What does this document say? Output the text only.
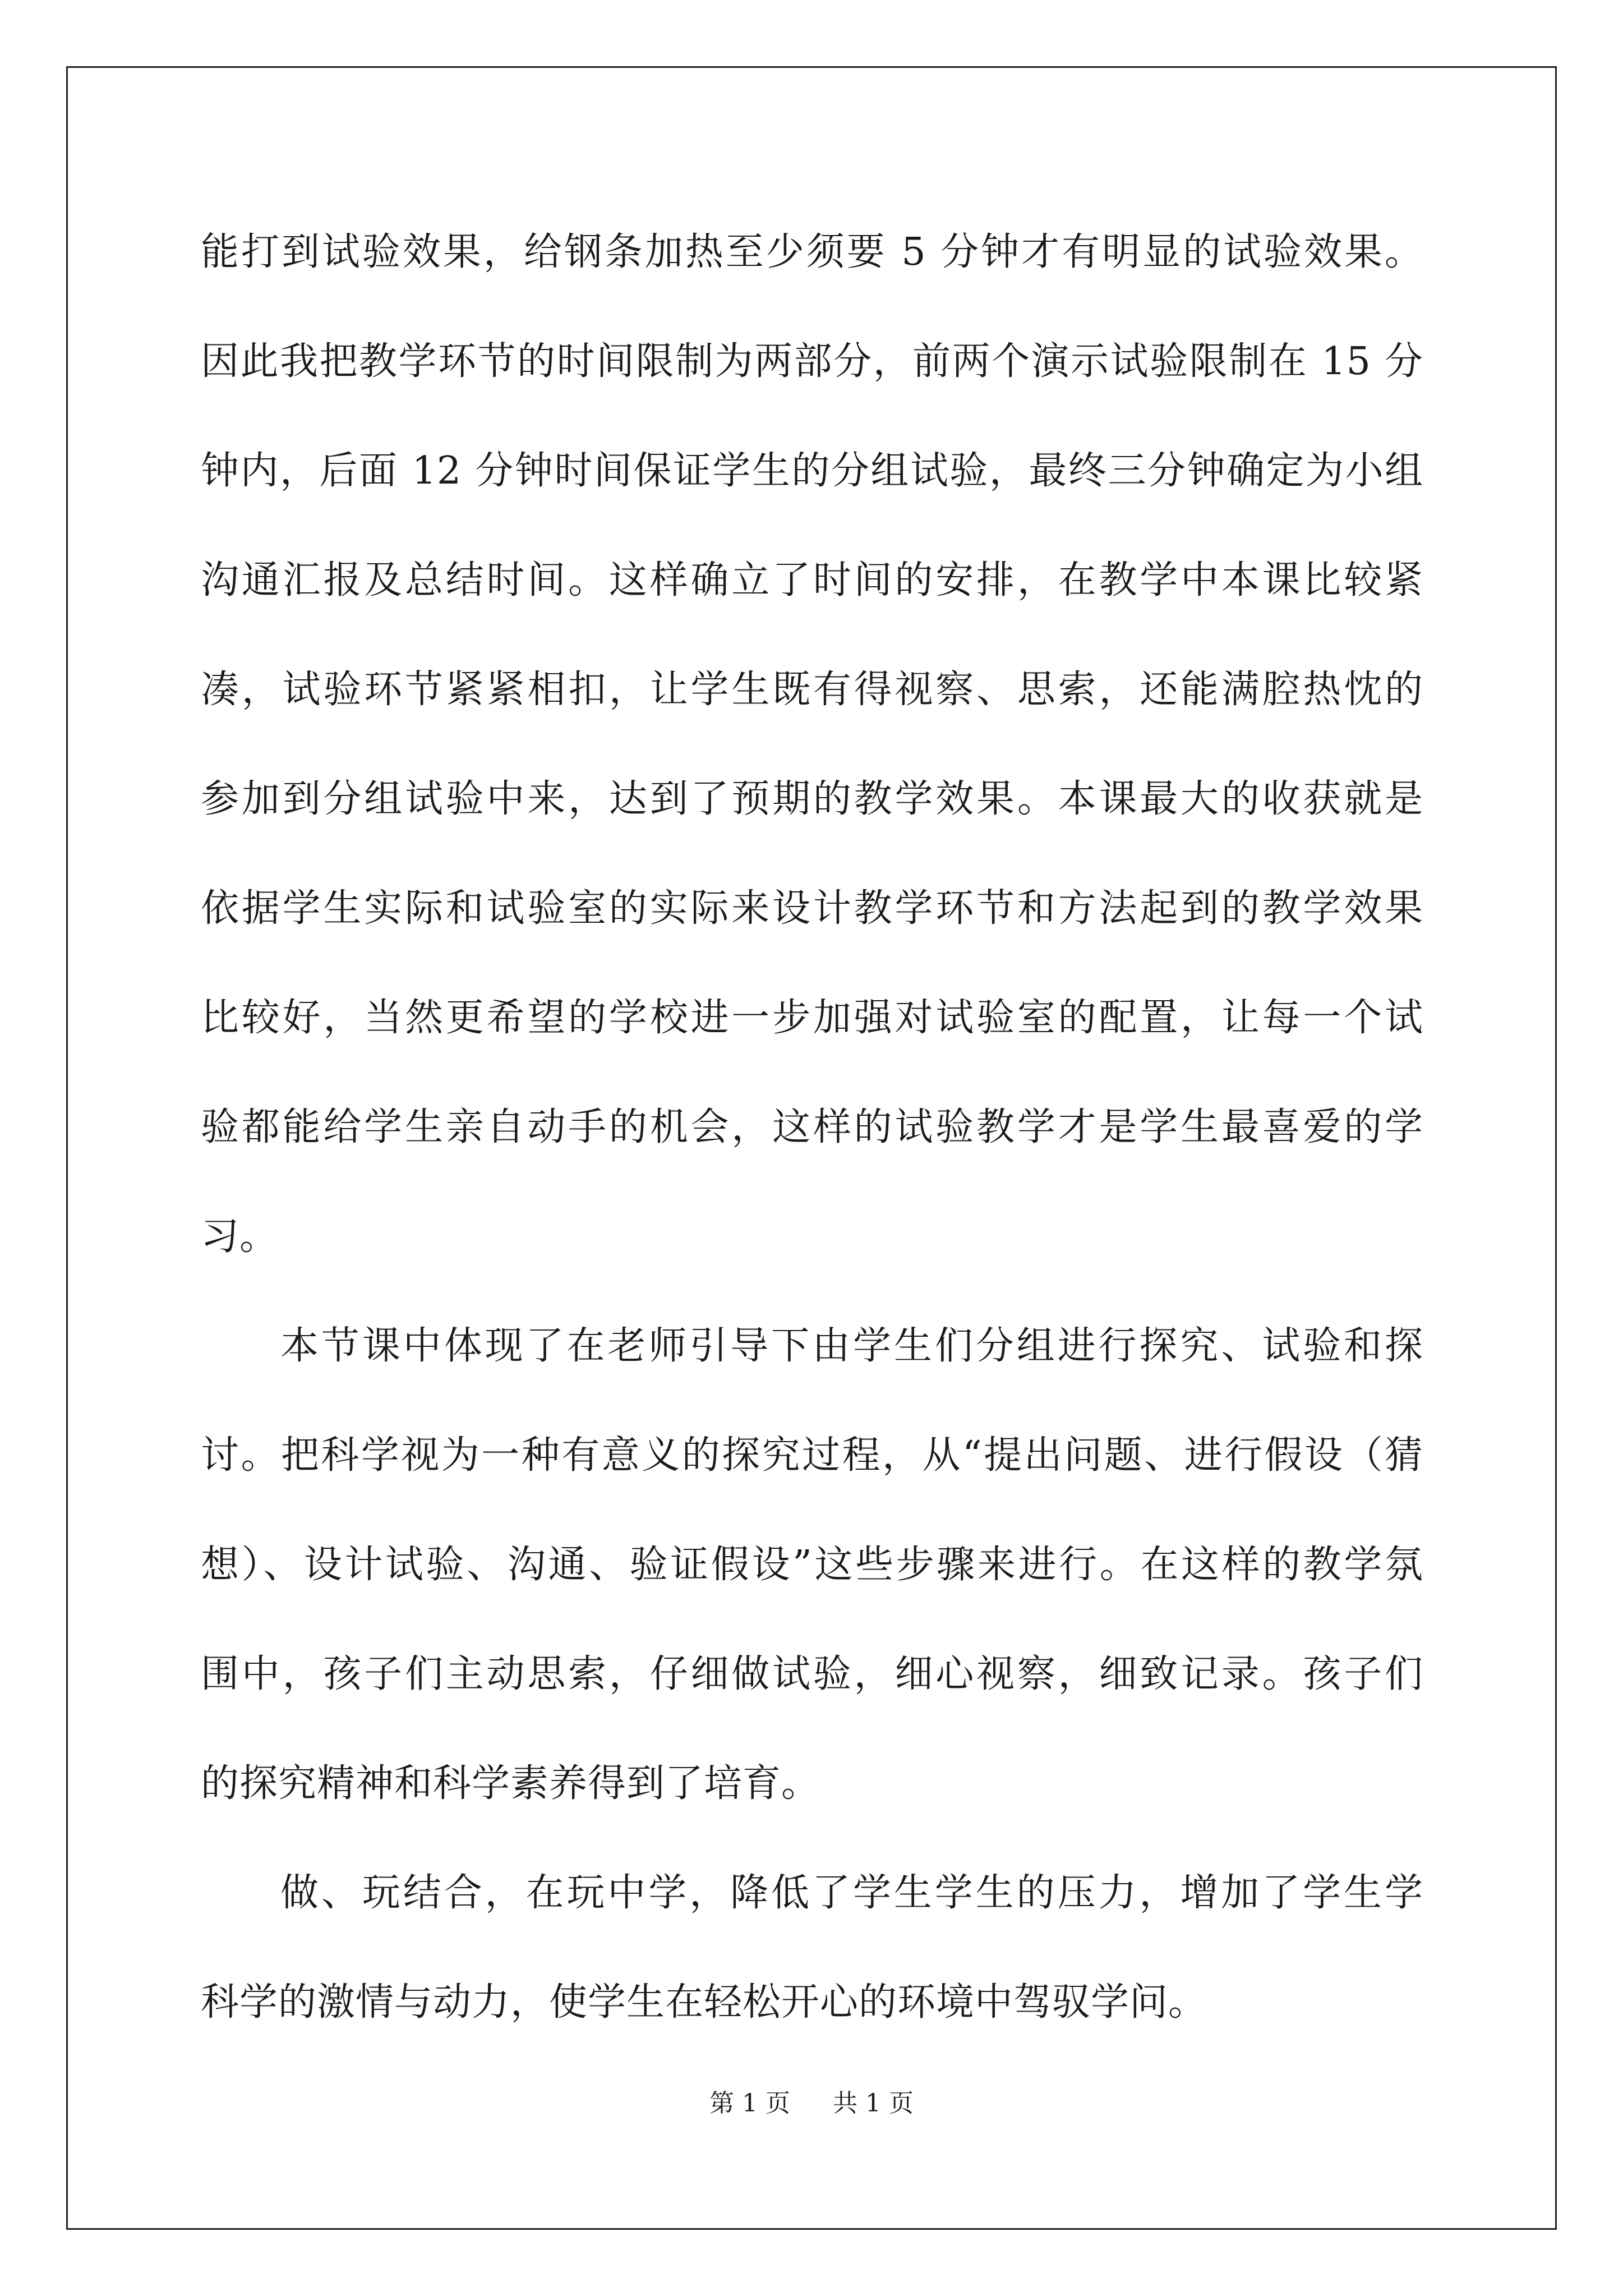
能打到试验效果，给钢条加热至少须要 5 分钟才有明显的试验效果。
因此我把教学环节的时间限制为两部分，前两个演示试验限制在 15 分
钟内，后面 12 分钟时间保证学生的分组试验，最终三分钟确定为小组
沟通汇报及总结时间。这样确立了时间的安排，在教学中本课比较紧
凑，试验环节紧紧相扣，让学生既有得视察、思索，还能满腔热忱的
参加到分组试验中来，达到了预期的教学效果。本课最大的收获就是
依据学生实际和试验室的实际来设计教学环节和方法起到的教学效果
比较好，当然更希望的学校进一步加强对试验室的配置，让每一个试
验都能给学生亲自动手的机会，这样的试验教学才是学生最喜爱的学
习。
本节课中体现了在老师引导下由学生们分组进行探究、试验和探
讨。把科学视为一种有意义的探究过程，从“提出问题、进行假设（猜
想）、设计试验、沟通、验证假设”这些步骤来进行。在这样的教学氛
围中，孩子们主动思索，仔细做试验，细心视察，细致记录。孩子们
的探究精神和科学素养得到了培育。
做、玩结合，在玩中学，降低了学生学生的压力，增加了学生学
科学的激情与动力，使学生在轻松开心的环境中驾驭学问。
第 1 页 共 1 页
